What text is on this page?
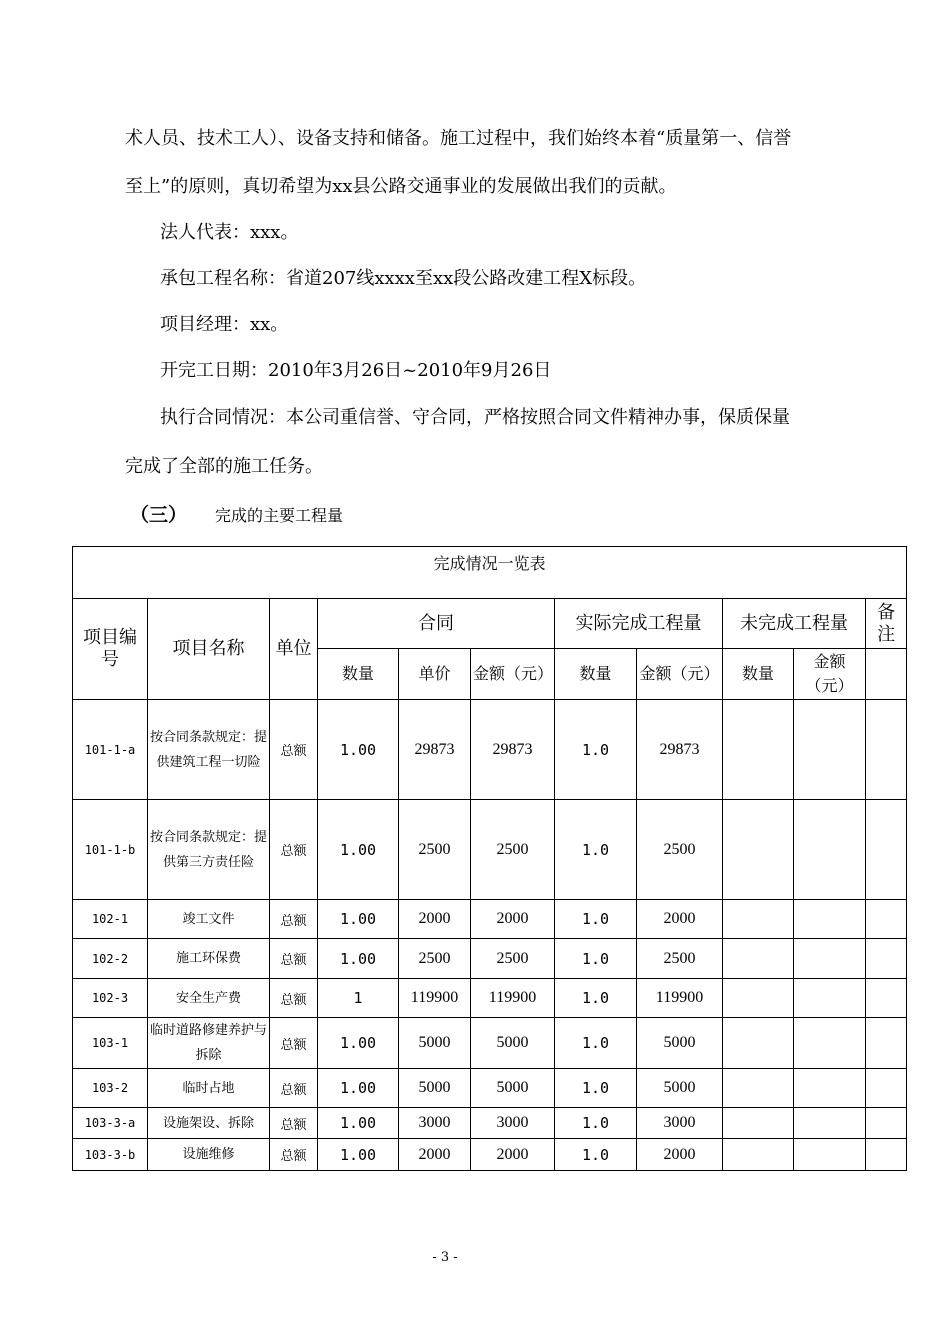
术人员、技术工人）、设备支持和储备。施工过程中，我们始终本着“质量第一、信誉
至上”的原则，真切希望为xx县公路交通事业的发展做出我们的贡献。
法人代表：xxx。
承包工程名称：省道207线xxxx至xx段公路改建工程X标段。
项目经理：xx。
开完工日期：2010年3月26日~2010年9月26日
执行合同情况：本公司重信誉、守合同，严格按照合同文件精神办事，保质保量
完成了全部的施工任务。
（三） 完成的主要工程量
完成情况一览表										
项目编号	项目名称	单位	合同			实际完成工程量		未完成工程量		备注
			数量	单价	金额（元）	数量	金额（元）	数量	金额（元）	
101-1-a	按合同条款规定：提供建筑工程一切险	总额	1.00	29873	29873	1.0	29873			
101-1-b	按合同条款规定：提供第三方责任险	总额	1.00	2500	2500	1.0	2500			
102-1	竣工文件	总额	1.00	2000	2000	1.0	2000			
102-2	施工环保费	总额	1.00	2500	2500	1.0	2500			
102-3	安全生产费	总额	1	119900	119900	1.0	119900			
103-1	临时道路修建养护与拆除	总额	1.00	5000	5000	1.0	5000			
103-2	临时占地	总额	1.00	5000	5000	1.0	5000			
103-3-a	设施架设、拆除	总额	1.00	3000	3000	1.0	3000			
103-3-b	设施维修	总额	1.00	2000	2000	1.0	2000			
- 3 -
